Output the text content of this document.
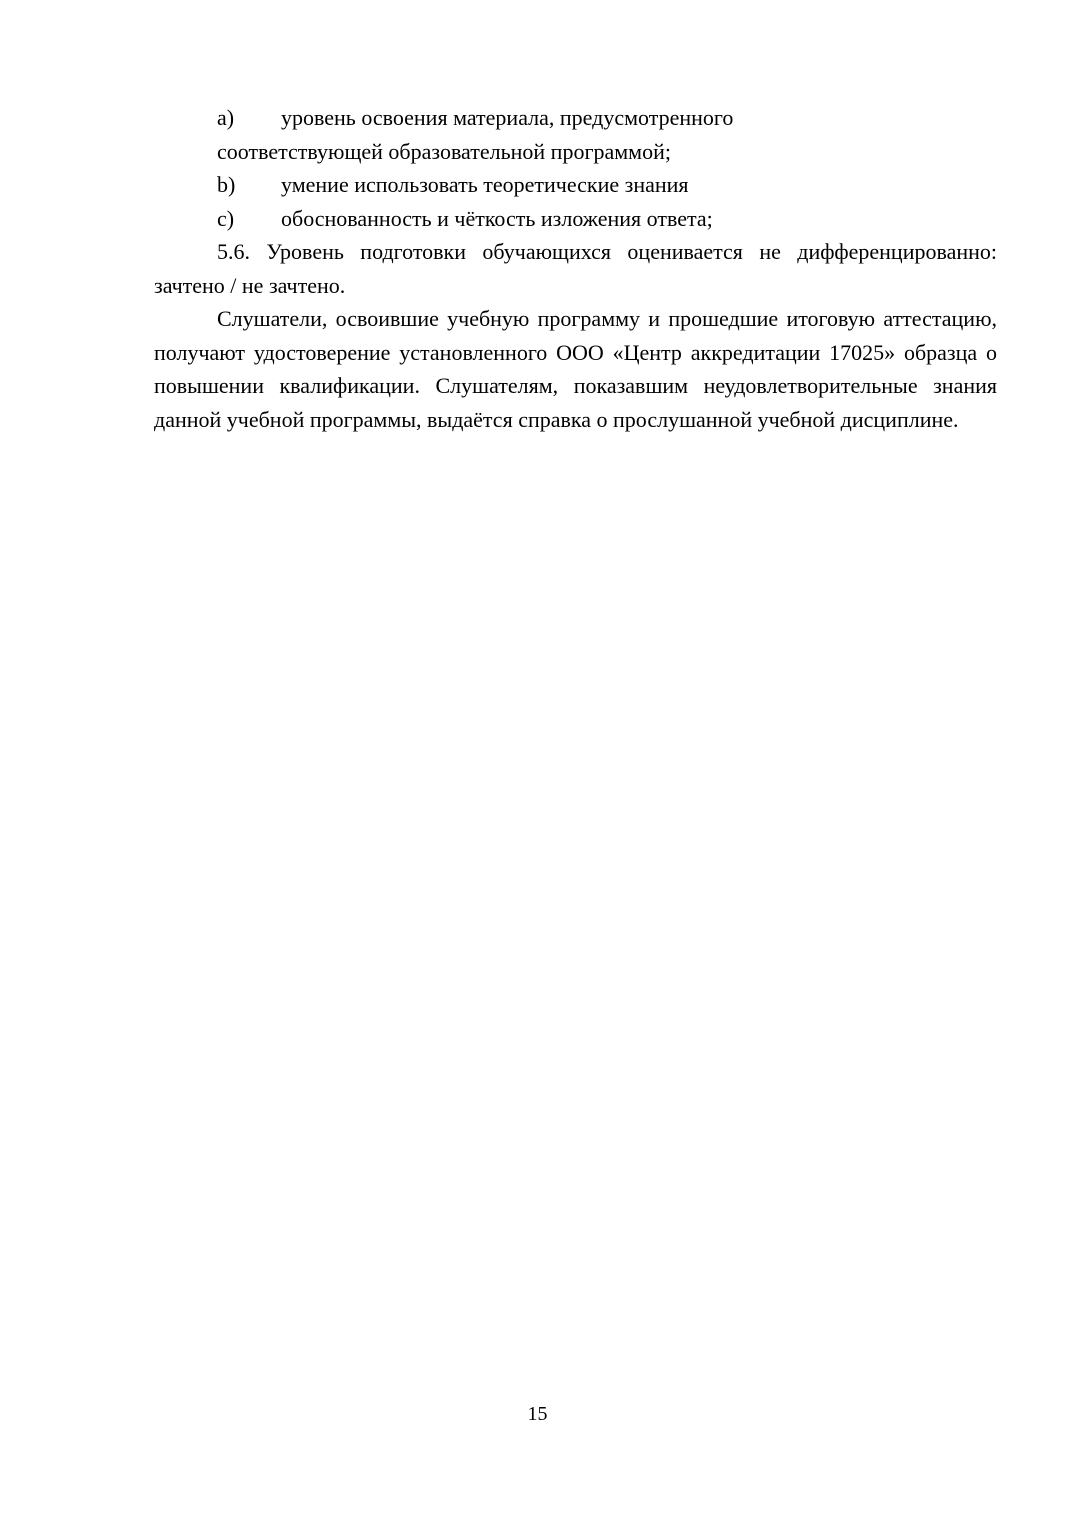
a) уровень освоения материала, предусмотренного
соответствующей образовательной программой;
b) умение использовать теоретические знания
c) обоснованность и чёткость изложения ответа;

5.6. Уровень подготовки обучающихся оценивается не дифференцированно: зачтено / не зачтено.

Слушатели, освоившие учебную программу и прошедшие итоговую аттестацию, получают удостоверение установленного ООО «Центр аккредитации 17025» образца о повышении квалификации. Слушателям, показавшим неудовлетворительные знания данной учебной программы, выдаётся справка о прослушанной учебной дисциплине.

15
